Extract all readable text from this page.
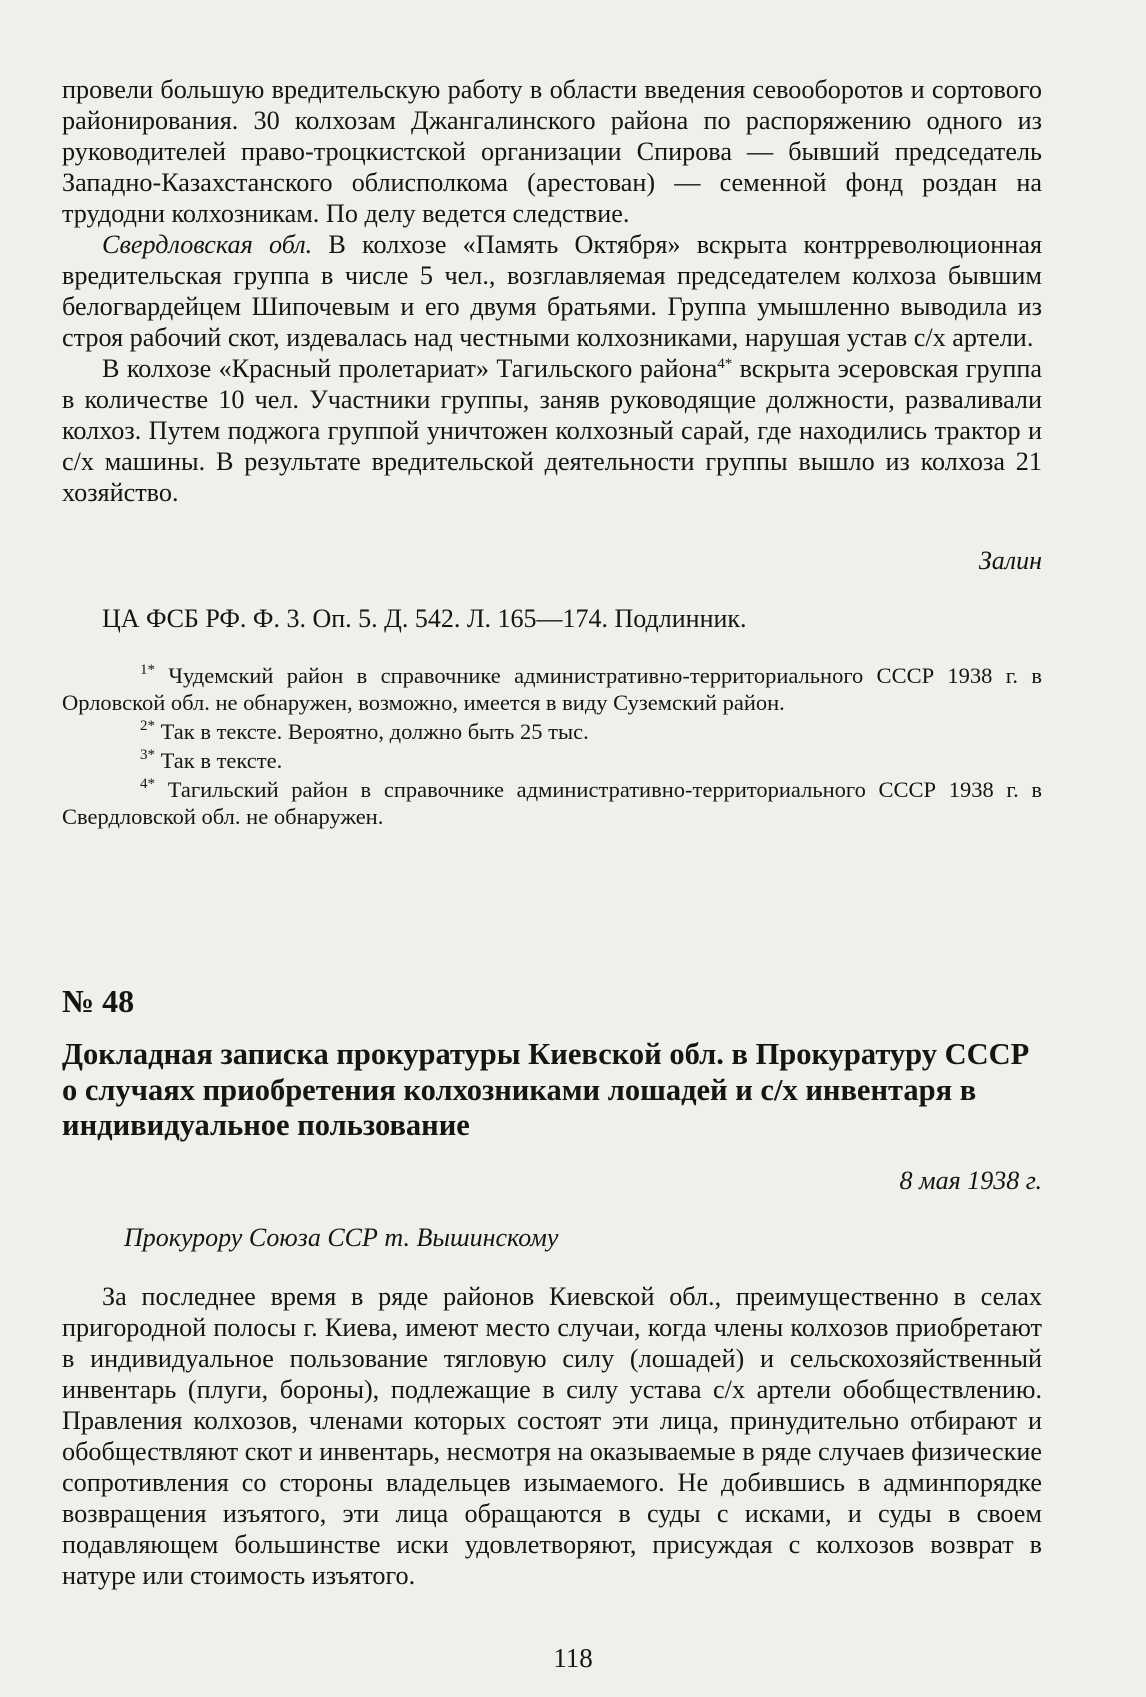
провели большую вредительскую работу в области введения севооборотов и сортового районирования. 30 колхозам Джангалинского района по распоряжению одного из руководителей право-троцкистской организации Спирова — бывший председатель Западно-Казахстанского облисполкома (арестован) — семенной фонд роздан на трудодни колхозникам. По делу ведется следствие.

Свердловская обл. В колхозе «Память Октября» вскрыта контрреволюционная вредительская группа в числе 5 чел., возглавляемая председателем колхоза бывшим белогвардейцем Шипочевым и его двумя братьями. Группа умышленно выводила из строя рабочий скот, издевалась над честными колхозниками, нарушая устав с/х артели.

В колхозе «Красный пролетариат» Тагильского района$^{4*}$ вскрыта эсеровская группа в количестве 10 чел. Участники группы, заняв руководящие должности, разваливали колхоз. Путем поджога группой уничтожен колхозный сарай, где находились трактор и с/х машины. В результате вредительской деятельности группы вышло из колхоза 21 хозяйство.

Залин

ЦА ФСБ РФ. Ф. 3. Оп. 5. Д. 542. Л. 165—174. Подлинник.

$^{1*}$ Чудемский район в справочнике административно-территориального СССР 1938 г. в Орловской обл. не обнаружен, возможно, имеется в виду Суземский район.

$^{2*}$ Так в тексте. Вероятно, должно быть 25 тыс.

$^{3*}$ Так в тексте.

$^{4*}$ Тагильский район в справочнике административно-территориального СССР 1938 г. в Свердловской обл. не обнаружен.

№ 48

Докладная записка прокуратуры Киевской обл. в Прокуратуру СССР о случаях приобретения колхозниками лошадей и с/х инвентаря в индивидуальное пользование

8 мая 1938 г.

Прокурору Союза ССР т. Вышинскому

За последнее время в ряде районов Киевской обл., преимущественно в селах пригородной полосы г. Киева, имеют место случаи, когда члены колхозов приобретают в индивидуальное пользование тягловую силу (лошадей) и сельскохозяйственный инвентарь (плуги, бороны), подлежащие в силу устава с/х артели обобществлению. Правления колхозов, членами которых состоят эти лица, принудительно отбирают и обобществляют скот и инвентарь, несмотря на оказываемые в ряде случаев физические сопротивления со стороны владельцев изымаемого. Не добившись в админпорядке возвращения изъятого, эти лица обращаются в суды с исками, и суды в своем подавляющем большинстве иски удовлетворяют, присуждая с колхозов возврат в натуре или стоимость изъятого.

118
